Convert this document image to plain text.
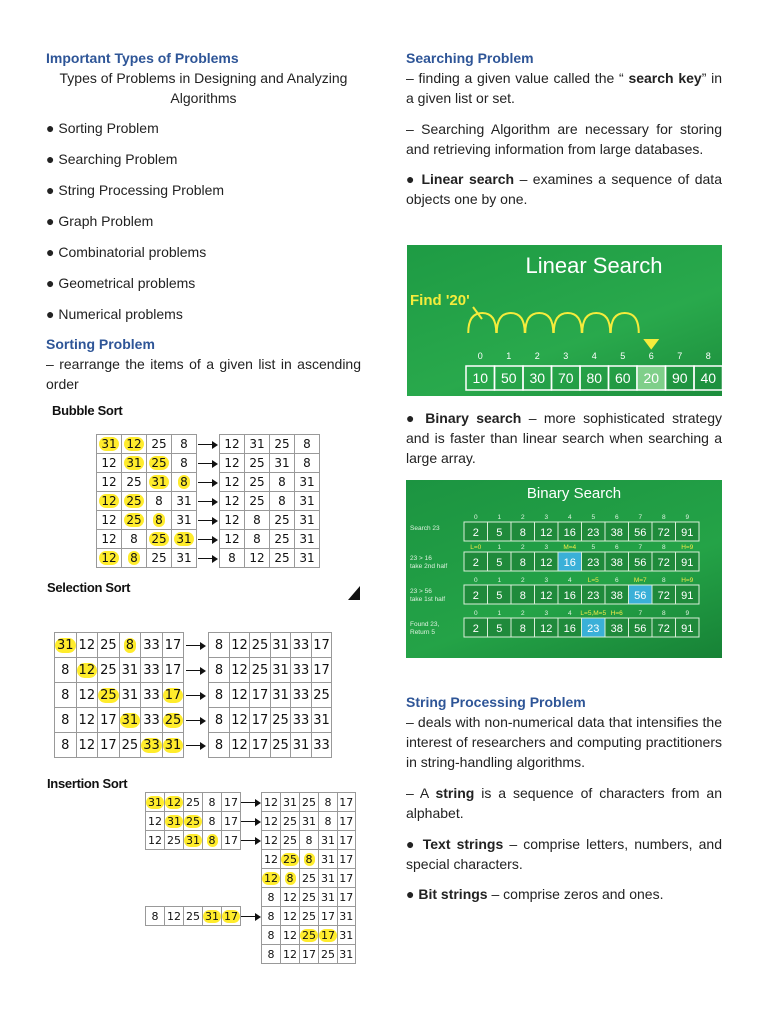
Important Types of Problems

Types of Problems in Designing and Analyzing Algorithms

● Sorting Problem

● Searching Problem

● String Processing Problem

● Graph Problem

● Combinatorial problems

● Geometrical problems

● Numerical problems

Sorting Problem

– rearrange the items of a given list in ascending order

Bubble Sort

31	12	25	8		12	31	25	8
12	31	25	8		12	25	31	8
12	25	31	8		12	25	8	31
12	25	8	31		12	25	8	31
12	25	8	31		12	8	25	31
12	8	25	31		12	8	25	31
12	8	25	31		8	12	25	31

Selection Sort

31	12	25	8	33	17		8	12	25	31	33	17
8	12	25	31	33	17		8	12	25	31	33	17
8	12	25	31	33	17		8	12	17	31	33	25
8	12	17	31	33	25		8	12	17	25	33	31
8	12	17	25	33	31		8	12	17	25	31	33

Insertion Sort

31	12	25	8	17		12	31	25	8	17
12	31	25	8	17		12	25	31	8	17
12	25	31	8	17		12	25	8	31	17
						12	25	8	31	17
						12	8	25	31	17
						8	12	25	31	17
8	12	25	31	17		8	12	25	17	31
						8	12	25	17	31
						8	12	17	25	31

Searching Problem

– finding a given value called the “ search key” in a given list or set.

– Searching Algorithm are necessary for storing and retrieving information from large databases.

● Linear search – examines a sequence of data objects one by one.

Linear Search
Find '20'
0	1	2	3	4	5	6	7	8
10 50 30 70 80 60 20 90 40

● Binary search – more sophisticated strategy and is faster than linear search when searching a large array.

Binary Search
Search 23
0	1	2	3	4	5	6	7	8	9
2 5 8 12 16 23 38 56 72 91
23 > 16
take 2nd half
L=0 1	2	3 M=4 5	6	7	8 H=9
2 5 8 12 16 23 38 56 72 91
23 > 56
take 1st half
0	1	2	3	4 L=5 6 M=7 8 H=9
2 5 8 12 16 23 38 56 72 91
Found 23,
Return 5
0	1	2	3	4 L=5,M=5 H=6 7	8	9
2 5 8 12 16 23 38 56 72 91

String Processing Problem

– deals with non-numerical data that intensifies the interest of researchers and computing practitioners in string-handling algorithms.

– A string is a sequence of characters from an alphabet.

● Text strings – comprise letters, numbers, and special characters.

● Bit strings – comprise zeros and ones.
